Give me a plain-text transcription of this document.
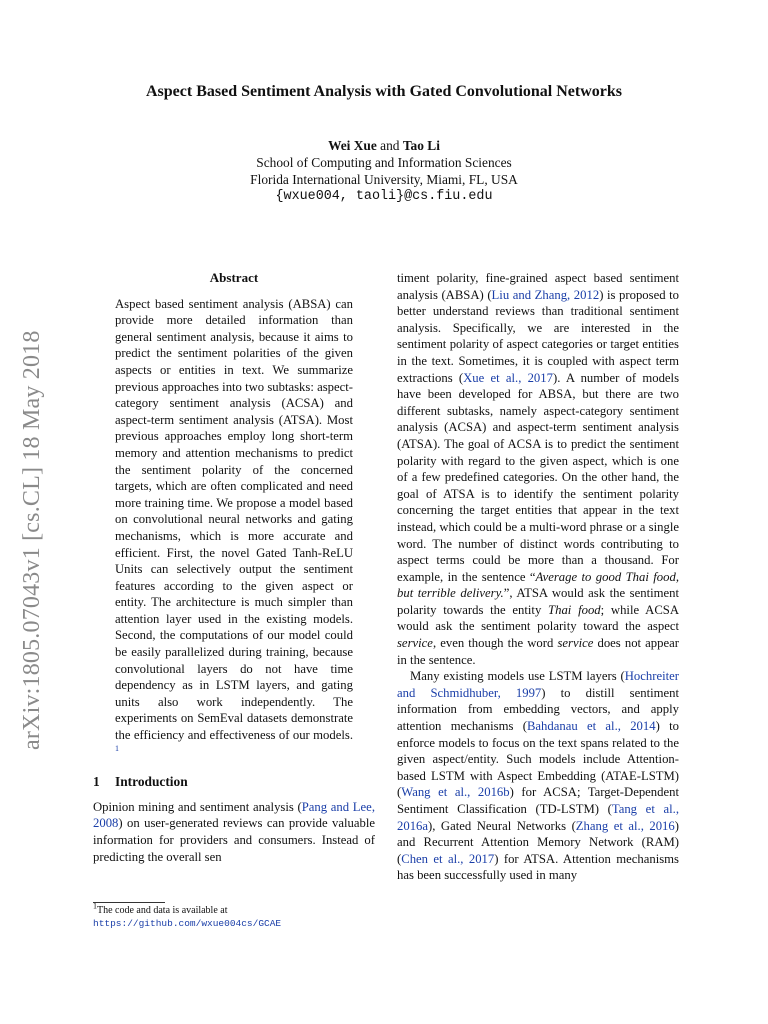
arXiv:1805.07043v1 [cs.CL] 18 May 2018
Aspect Based Sentiment Analysis with Gated Convolutional Networks
Wei Xue and Tao Li
School of Computing and Information Sciences
Florida International University, Miami, FL, USA
{wxue004, taoli}@cs.fiu.edu
Abstract
Aspect based sentiment analysis (ABSA) can provide more detailed information than general sentiment analysis, because it aims to predict the sentiment polarities of the given aspects or entities in text. We summarize previous approaches into two subtasks: aspect-category sentiment analysis (ACSA) and aspect-term sentiment analysis (ATSA). Most previous approaches employ long short-term memory and attention mechanisms to predict the sentiment polarity of the concerned targets, which are often complicated and need more training time. We propose a model based on convolutional neural networks and gating mechanisms, which is more accurate and efficient. First, the novel Gated Tanh-ReLU Units can selectively output the sentiment features according to the given aspect or entity. The architecture is much simpler than attention layer used in the existing models. Second, the computations of our model could be easily parallelized during training, because convolutional layers do not have time dependency as in LSTM layers, and gating units also work independently. The experiments on SemEval datasets demonstrate the efficiency and effectiveness of our models. $^1$
1 Introduction

Opinion mining and sentiment analysis (Pang and Lee, 2008) on user-generated reviews can provide valuable information for providers and consumers. Instead of predicting the overall sen

timent polarity, fine-grained aspect based sentiment analysis (ABSA) (Liu and Zhang, 2012) is proposed to better understand reviews than traditional sentiment analysis. Specifically, we are interested in the sentiment polarity of aspect categories or target entities in the text. Sometimes, it is coupled with aspect term extractions (Xue et al., 2017). A number of models have been developed for ABSA, but there are two different subtasks, namely aspect-category sentiment analysis (ACSA) and aspect-term sentiment analysis (ATSA). The goal of ACSA is to predict the sentiment polarity with regard to the given aspect, which is one of a few predefined categories. On the other hand, the goal of ATSA is to identify the sentiment polarity concerning the target entities that appear in the text instead, which could be a multi-word phrase or a single word. The number of distinct words contributing to aspect terms could be more than a thousand. For example, in the sentence “Average to good Thai food, but terrible delivery.”, ATSA would ask the sentiment polarity towards the entity Thai food; while ACSA would ask the sentiment polarity toward the aspect service, even though the word service does not appear in the sentence.

Many existing models use LSTM layers (Hochreiter and Schmidhuber, 1997) to distill sentiment information from embedding vectors, and apply attention mechanisms (Bahdanau et al., 2014) to enforce models to focus on the text spans related to the given aspect/entity. Such models include Attention-based LSTM with Aspect Embedding (ATAE-LSTM) (Wang et al., 2016b) for ACSA; Target-Dependent Sentiment Classification (TD-LSTM) (Tang et al., 2016a), Gated Neural Networks (Zhang et al., 2016) and Recurrent Attention Memory Network (RAM) (Chen et al., 2017) for ATSA. Attention mechanisms has been successfully used in many

$^1$The code and data is available at https://github.com/wxue004cs/GCAE
